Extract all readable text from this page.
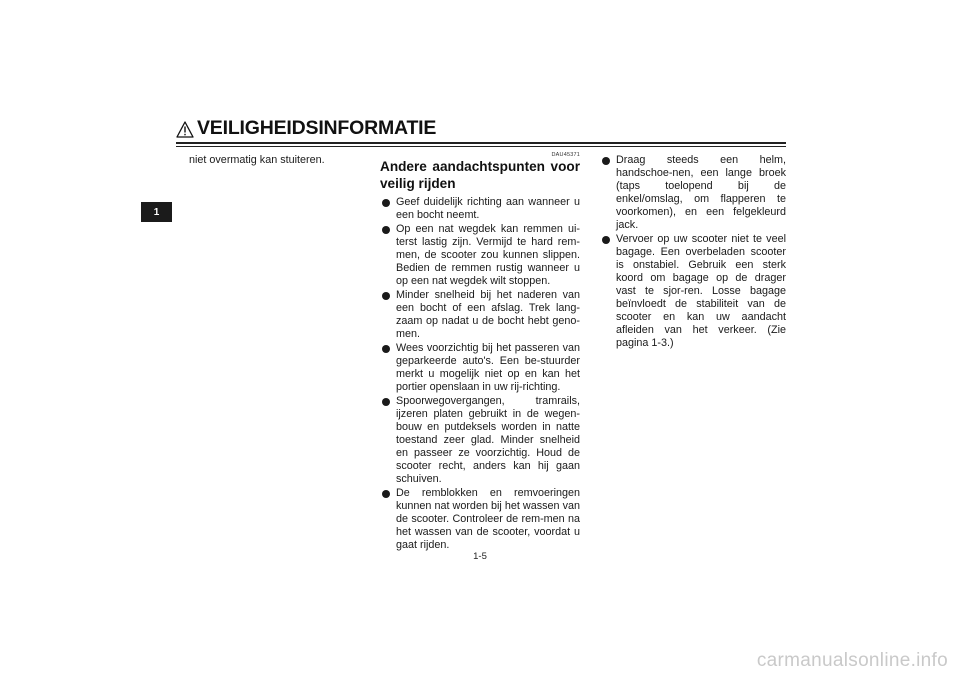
VEILIGHEIDSINFORMATIE
1

niet overmatig kan stuiteren.	DAU45371
Andere aandachtspunten voor veilig rijden
Geef duidelijk richting aan wanneer u een bocht neemt.
Op een nat wegdek kan remmen ui-terst lastig zijn. Vermijd te hard rem-men, de scooter zou kunnen slippen. Bedien de remmen rustig wanneer u op een nat wegdek wilt stoppen.
Minder snelheid bij het naderen van een bocht of een afslag. Trek lang-zaam op nadat u de bocht hebt geno-men.
Wees voorzichtig bij het passeren van geparkeerde auto's. Een be-stuurder merkt u mogelijk niet op en kan het portier openslaan in uw rij-richting.
Spoorwegovergangen, tramrails, ijzeren platen gebruikt in de wegen-bouw en putdeksels worden in natte toestand zeer glad. Minder snelheid en passeer ze voorzichtig. Houd de scooter recht, anders kan hij gaan schuiven.
De remblokken en remvoeringen kunnen nat worden bij het wassen van de scooter. Controleer de rem-men na het wassen van de scooter, voordat u gaat rijden.
Draag steeds een helm, handschoe-nen, een lange broek (taps toelopend bij de enkel/omslag, om flapperen te voorkomen), en een felgekleurd jack.
Vervoer op uw scooter niet te veel bagage. Een overbeladen scooter is onstabiel. Gebruik een sterk koord om bagage op de drager vast te sjor-ren. Losse bagage beïnvloedt de stabiliteit van de scooter en kan uw aandacht afleiden van het verkeer. (Zie pagina 1-3.)
1-5
carmanualsonline.info
